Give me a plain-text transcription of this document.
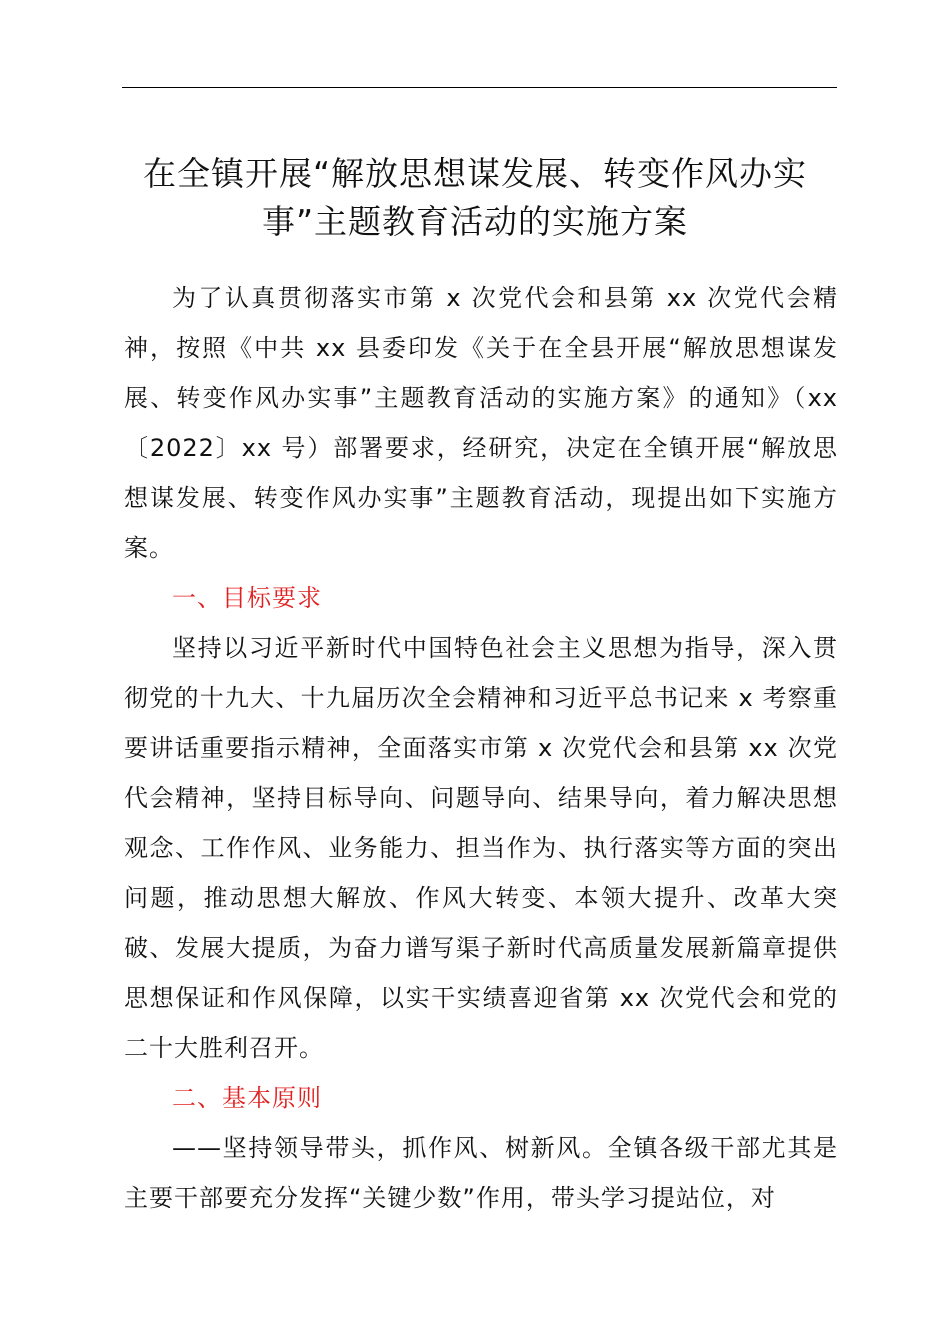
在全镇开展“解放思想谋发展、转变作风办实
事”主题教育活动的实施方案

为了认真贯彻落实市第 x 次党代会和县第 xx 次党代会精神，按照《中共 xx 县委印发《关于在全县开展“解放思想谋发展、转变作风办实事”主题教育活动的实施方案》的通知》（xx〔2022〕xx 号）部署要求，经研究，决定在全镇开展“解放思想谋发展、转变作风办实事”主题教育活动，现提出如下实施方案。

一、目标要求

坚持以习近平新时代中国特色社会主义思想为指导，深入贯彻党的十九大、十九届历次全会精神和习近平总书记来 x 考察重要讲话重要指示精神，全面落实市第 x 次党代会和县第 xx 次党代会精神，坚持目标导向、问题导向、结果导向，着力解决思想观念、工作作风、业务能力、担当作为、执行落实等方面的突出问题，推动思想大解放、作风大转变、本领大提升、改革大突破、发展大提质，为奋力谱写渠子新时代高质量发展新篇章提供思想保证和作风保障，以实干实绩喜迎省第 xx 次党代会和党的二十大胜利召开。

二、基本原则

——坚持领导带头，抓作风、树新风。全镇各级干部尤其是主要干部要充分发挥“关键少数”作用，带头学习提站位，对
